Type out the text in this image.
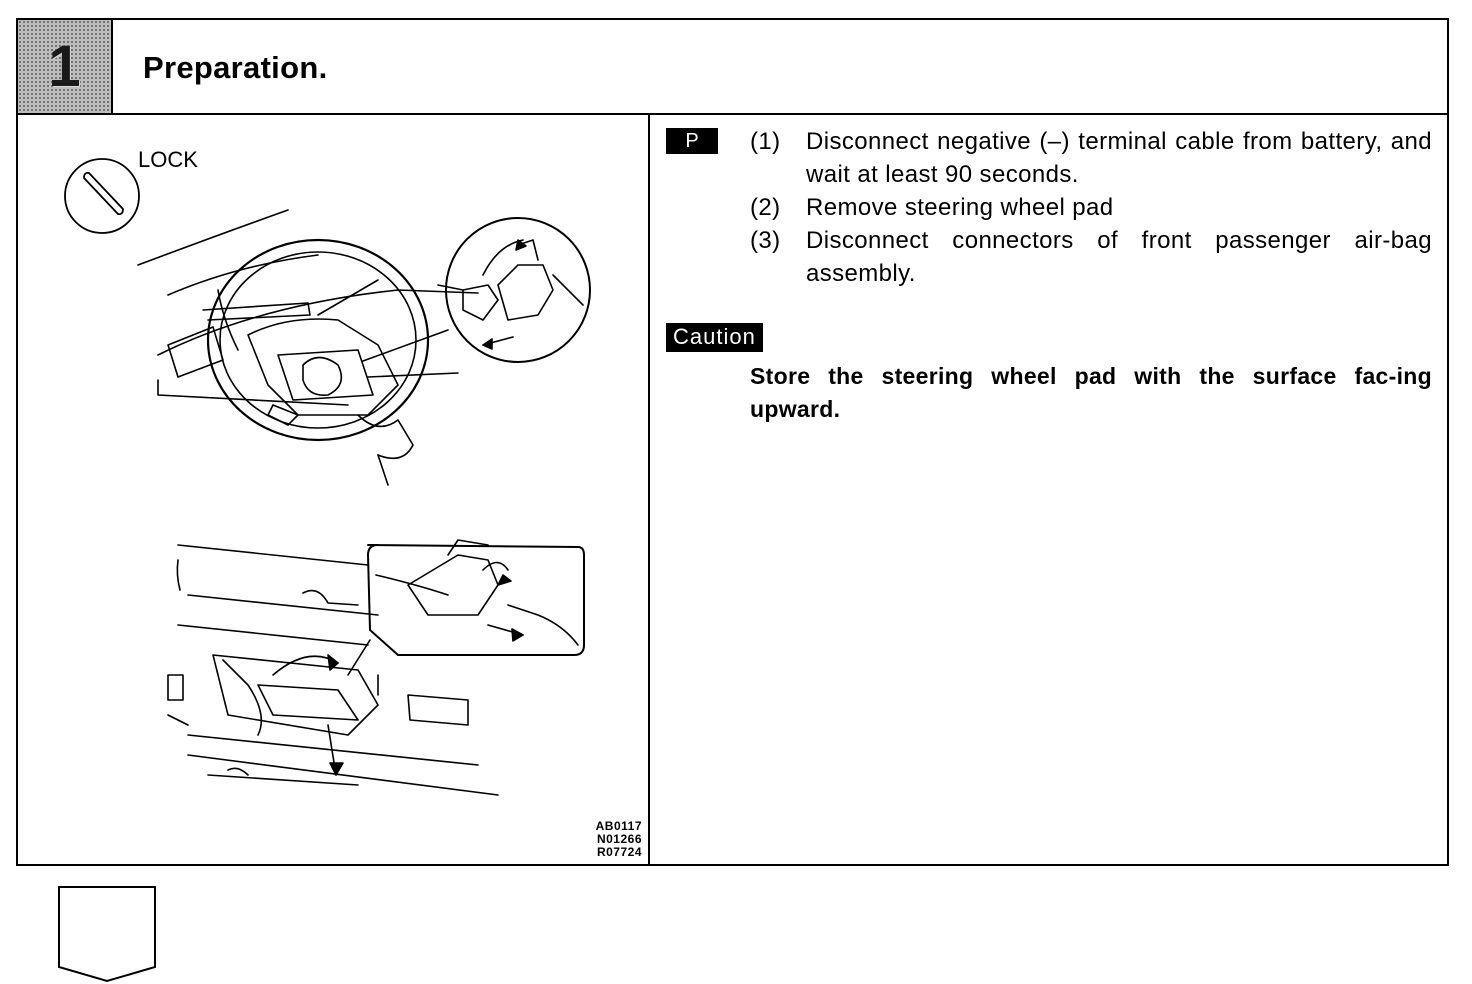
1	Preparation.
LOCK
AB0117
N01266
R07724
P	(1) Disconnect negative (–) terminal cable from battery, and wait at least 90 seconds.
(2) Remove steering wheel pad
(3) Disconnect connectors of front passenger air-bag assembly.
Caution
Store the steering wheel pad with the surface fac-ing upward.
